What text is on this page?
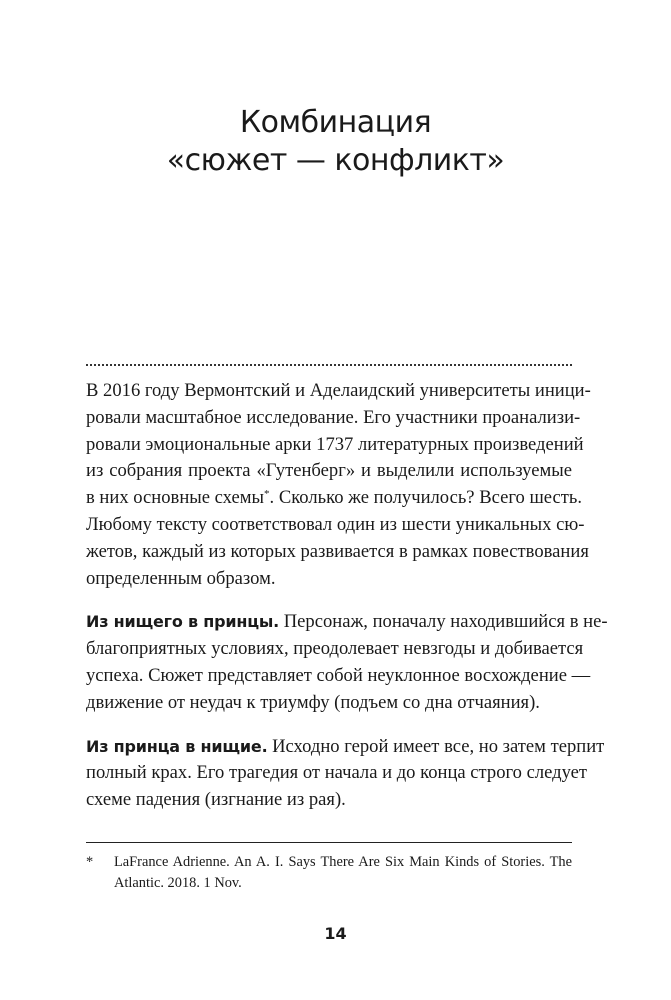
Комбинация
«сюжет — конфликт»

В 2016 году Вермонтский и Аделаидский университеты иници-
ровали масштабное исследование. Его участники проанализи-
ровали эмоциональные арки 1737 литературных произведений
из собрания проекта «Гутенберг» и выделили используемые
в них основные схемы*. Сколько же получилось? Всего шесть.
Любому тексту соответствовал один из шести уникальных сю-
жетов, каждый из которых развивается в рамках повествования
определенным образом.

Из нищего в принцы. Персонаж, поначалу находившийся в не-
благоприятных условиях, преодолевает невзгоды и добивается
успеха. Сюжет представляет собой неуклонное восхождение —
движение от неудач к триумфу (подъем со дна отчаяния).

Из принца в нищие. Исходно герой имеет все, но затем терпит
полный крах. Его трагедия от начала и до конца строго следует
схеме падения (изгнание из рая).

* LaFrance Adrienne. An A. I. Says There Are Six Main Kinds of Stories. The
Atlantic. 2018. 1 Nov.
14
